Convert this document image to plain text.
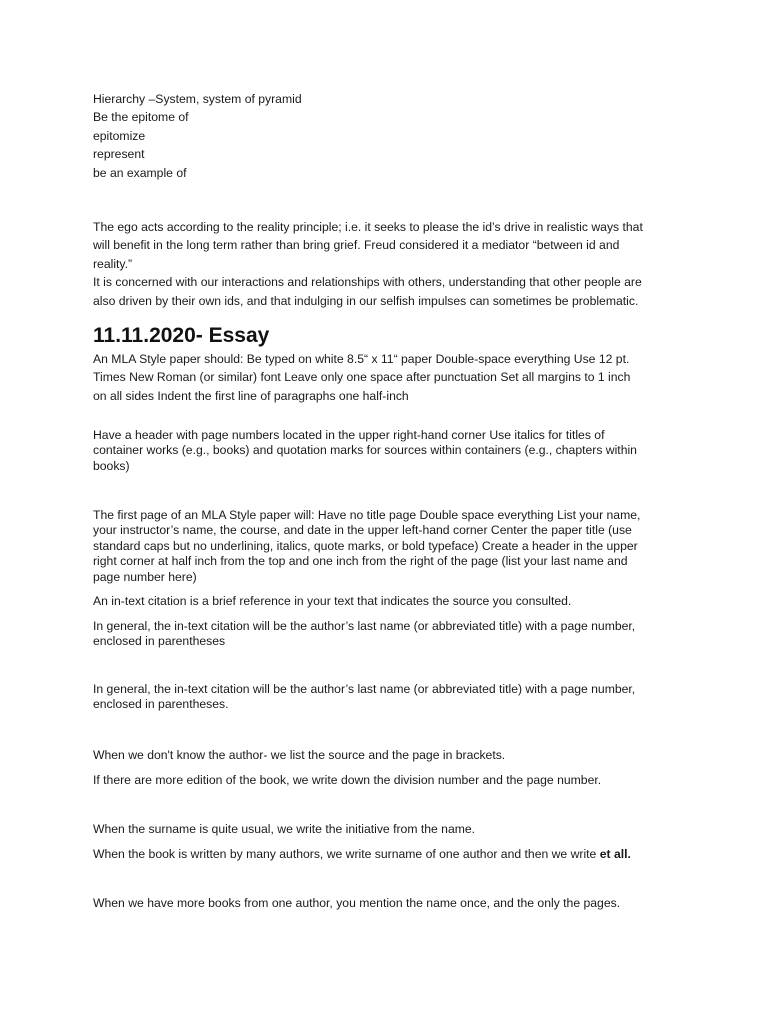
Hierarchy –System, system of pyramid
Be the epitome of
epitomize
represent
be an example of
The ego acts according to the reality principle; i.e. it seeks to please the id’s drive in realistic ways that
will benefit in the long term rather than bring grief. Freud considered it a mediator “between id and
reality.”
It is concerned with our interactions and relationships with others, understanding that other people are
also driven by their own ids, and that indulging in our selfish impulses can sometimes be problematic.
11.11.2020- Essay
An MLA Style paper should: Be typed on white 8.5“ x 11“ paper Double-space everything Use 12 pt.
Times New Roman (or similar) font Leave only one space after punctuation Set all margins to 1 inch
on all sides Indent the first line of paragraphs one half-inch
Have a header with page numbers located in the upper right-hand corner Use italics for titles of
container works (e.g., books) and quotation marks for sources within containers (e.g., chapters within
books)
The first page of an MLA Style paper will: Have no title page Double space everything List your name,
your instructor’s name, the course, and date in the upper left-hand corner Center the paper title (use
standard caps but no underlining, italics, quote marks, or bold typeface) Create a header in the upper
right corner at half inch from the top and one inch from the right of the page (list your last name and
page number here)
An in-text citation is a brief reference in your text that indicates the source you consulted.
In general, the in-text citation will be the author’s last name (or abbreviated title) with a page number,
enclosed in parentheses
In general, the in-text citation will be the author’s last name (or abbreviated title) with a page number,
enclosed in parentheses.
When we don't know the author- we list the source and the page in brackets.
If there are more edition of the book, we write down the division number and the page number.
When the surname is quite usual, we write the initiative from the name.
When the book is written by many authors, we write surname of one author and then we write et all.
When we have more books from one author, you mention the name once, and the only the pages.
